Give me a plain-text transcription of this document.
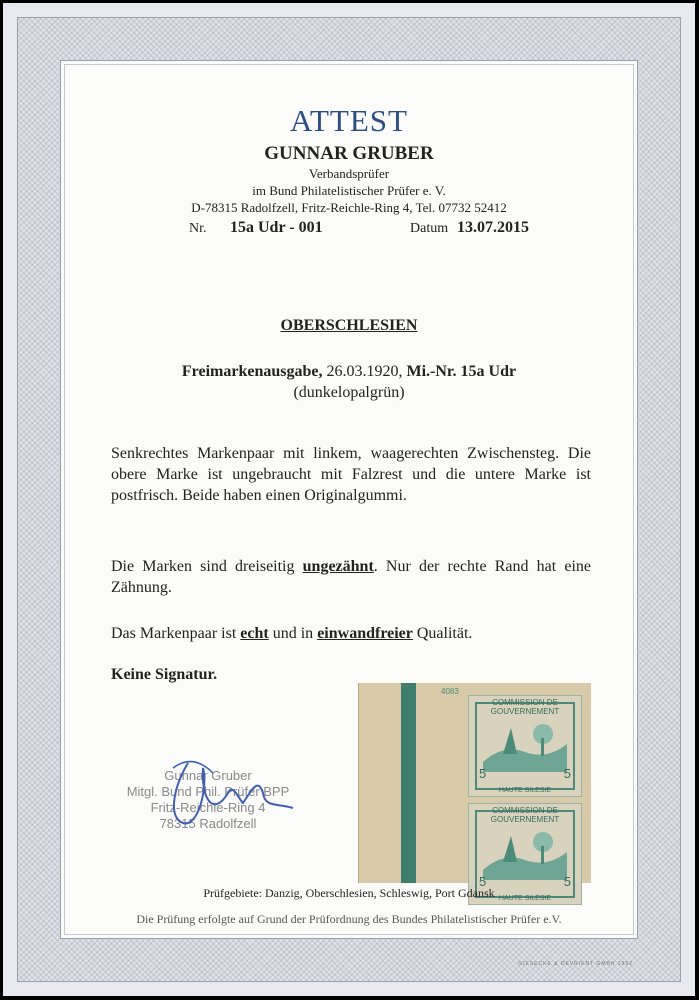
ATTEST
GUNNAR GRUBER
Verbandsprüfer
im Bund Philatelistischer Prüfer e. V.
D-78315 Radolfzell, Fritz-Reichle-Ring 4, Tel. 07732 52412
Nr. 15a Udr - 001	Datum 13.07.2015
OBERSCHLESIEN
Freimarkenausgabe, 26.03.1920, Mi.-Nr. 15a Udr
(dunkelopalgrün)
Senkrechtes Markenpaar mit linkem, waagerechten Zwischensteg. Die obere Marke ist ungebraucht mit Falzrest und die untere Marke ist postfrisch. Beide haben einen Originalgummi.
Die Marken sind dreiseitig ungezähnt. Nur der rechte Rand hat eine Zähnung.
Das Markenpaar ist echt und in einwandfreier Qualität.
Keine Signatur.
4083
COMMISSION DE GOUVERNEMENT
HAUTE SILESIE
5	5
COMMISSION DE GOUVERNEMENT
HAUTE SILESIE
5	5
Gunnar Gruber
Mitgl. Bund Phil. Prüfer BPP
Fritz-Reichle-Ring 4
78315 Radolfzell
Prüfgebiete: Danzig, Oberschlesien, Schleswig, Port Gdansk
Die Prüfung erfolgte auf Grund der Prüfordnung des Bundes Philatelistischer Prüfer e.V.
GIESECKE & DEVRIENT GMBH 1992
